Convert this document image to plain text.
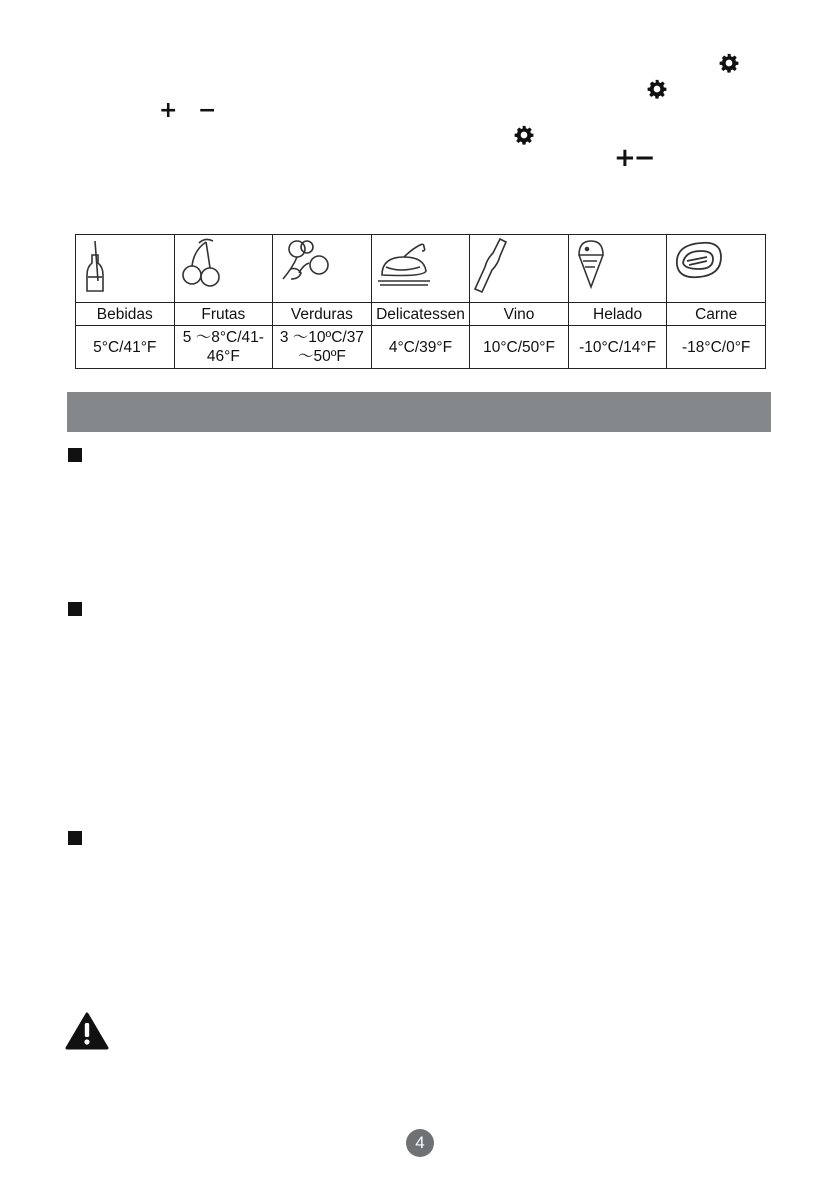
+ −
+−

Bebidas	Frutas	Verduras	Delicatessen	Vino	Helado	Carne
5°C/41°F	5 ～8°C/41- 46°F	3 ～10ºC/37～50ºF	4°C/39°F	10°C/50°F	-10°C/14°F	-18°C/0°F
4
